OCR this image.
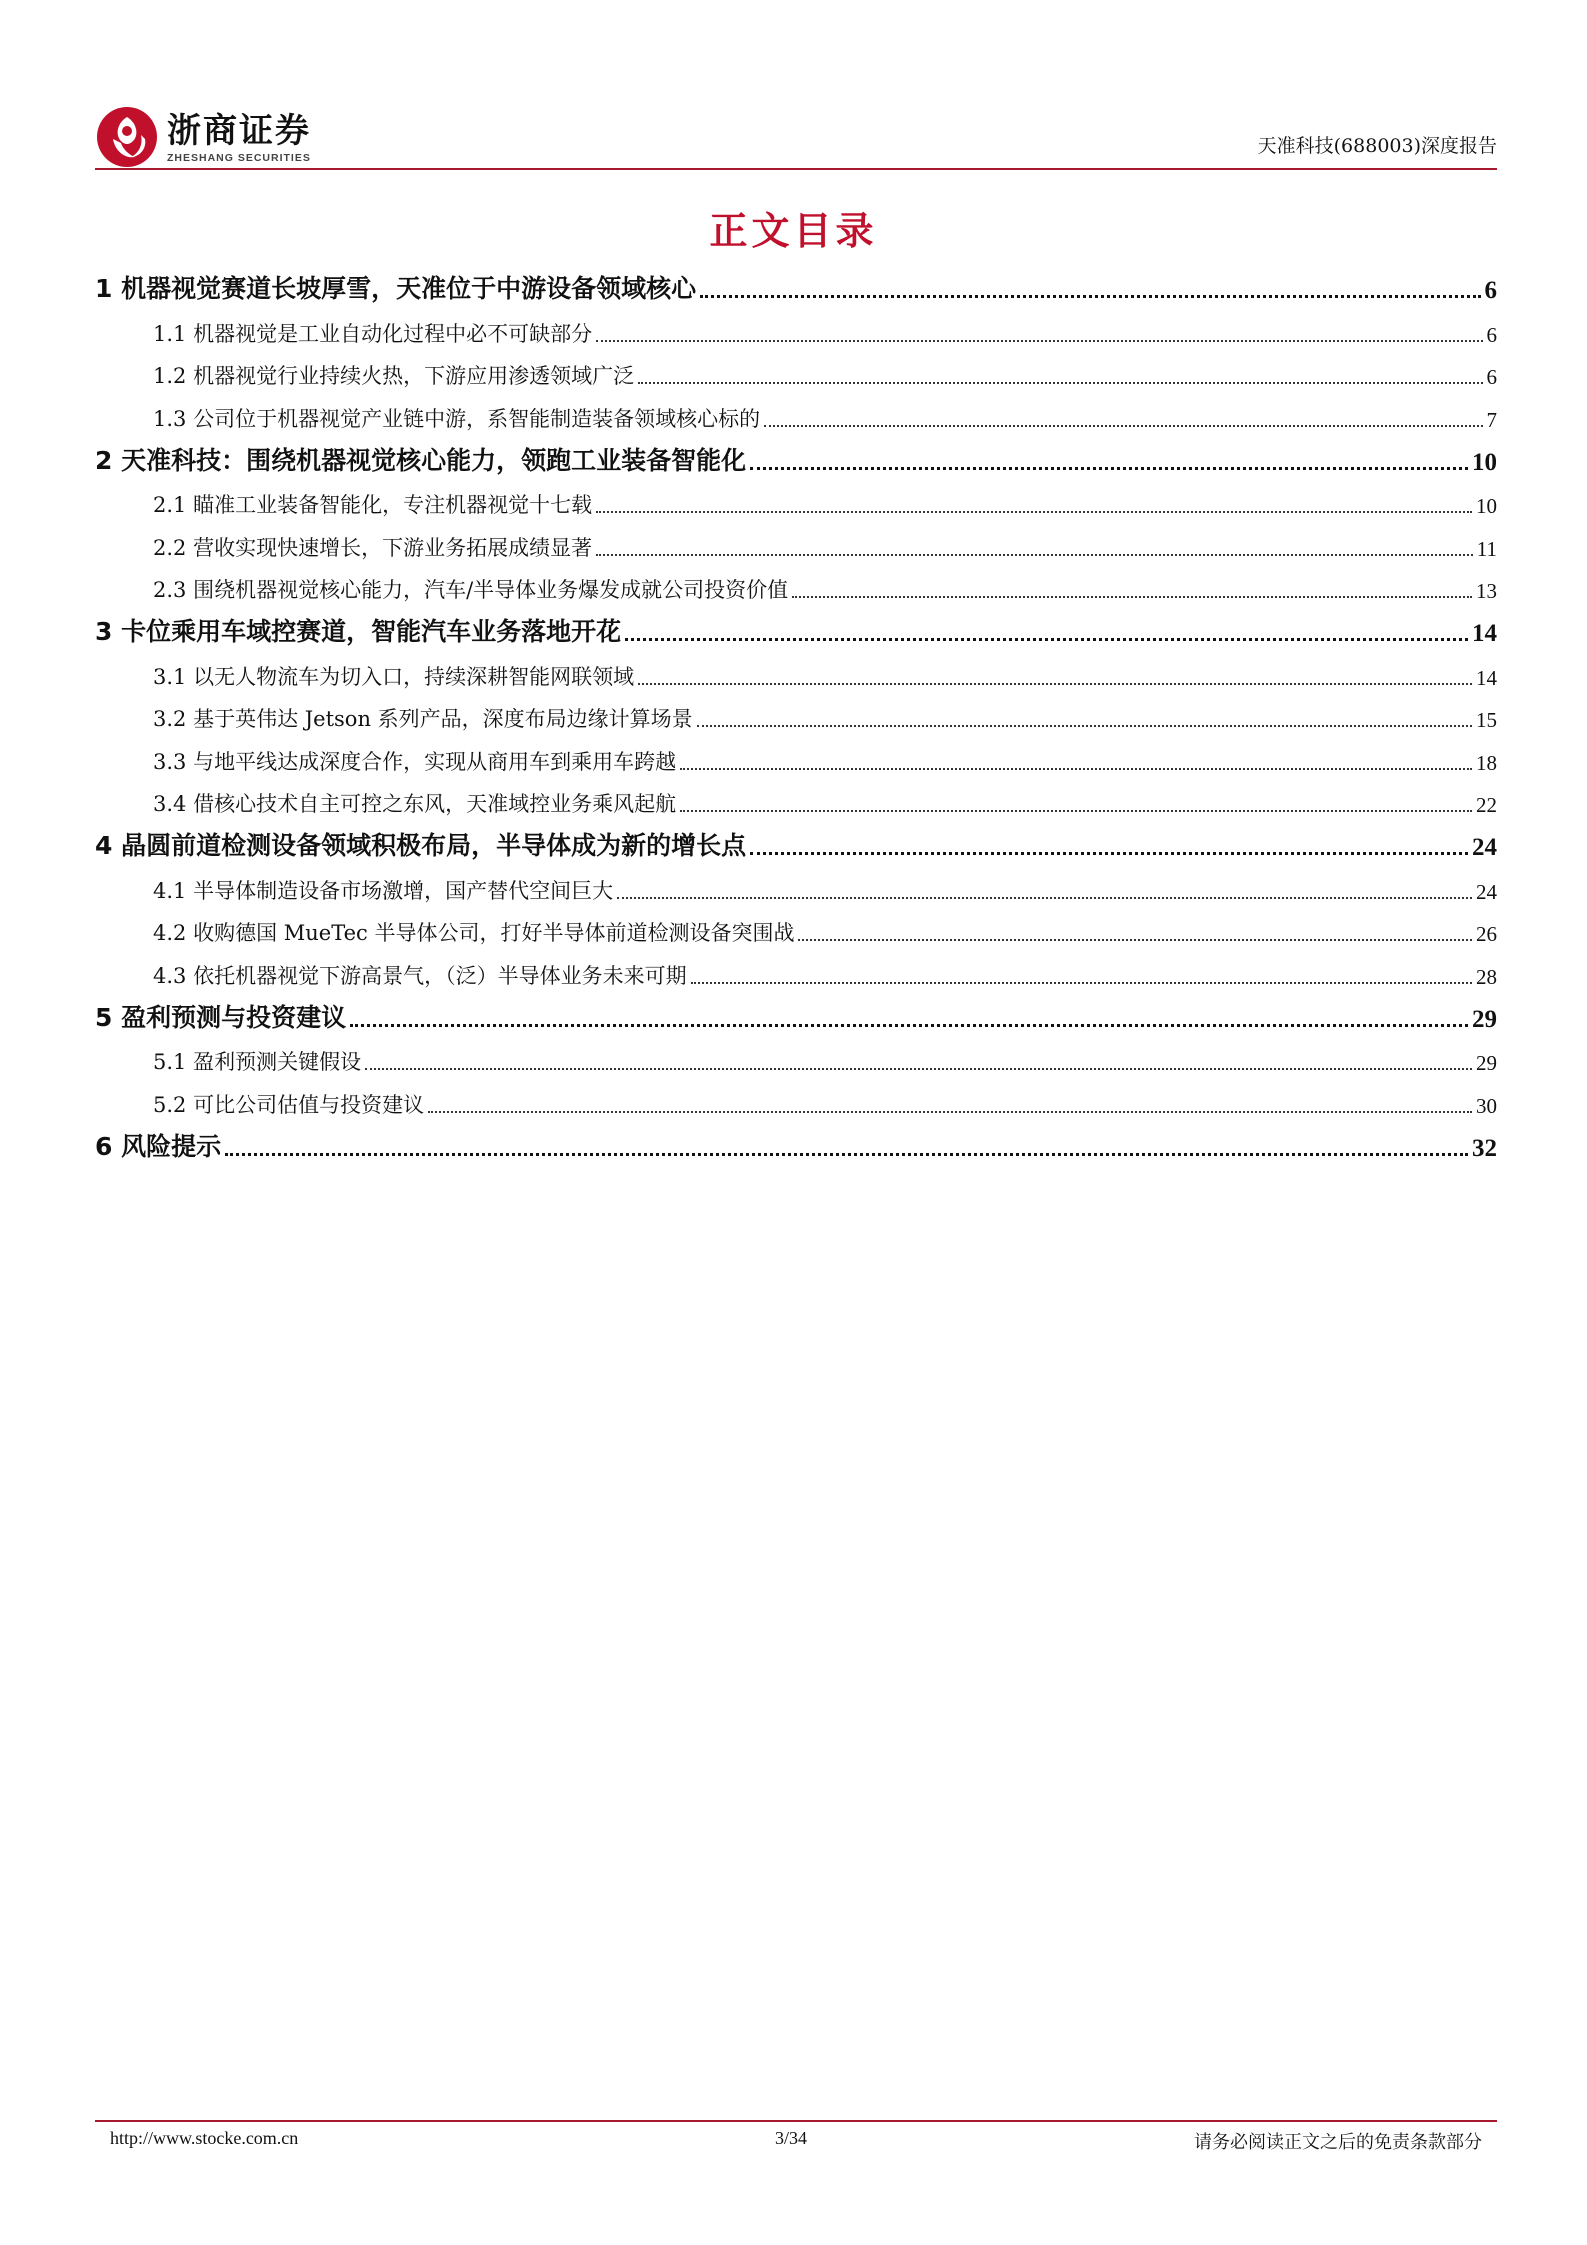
浙商证券
ZHESHANG SECURITIES
天准科技(688003)深度报告
正文目录
1 机器视觉赛道长坡厚雪，天准位于中游设备领域核心	6
1.1 机器视觉是工业自动化过程中必不可缺部分	6
1.2 机器视觉行业持续火热，下游应用渗透领域广泛	6
1.3 公司位于机器视觉产业链中游，系智能制造装备领域核心标的	7
2 天准科技：围绕机器视觉核心能力，领跑工业装备智能化	10
2.1 瞄准工业装备智能化，专注机器视觉十七载	10
2.2 营收实现快速增长，下游业务拓展成绩显著	11
2.3 围绕机器视觉核心能力，汽车/半导体业务爆发成就公司投资价值	13
3 卡位乘用车域控赛道，智能汽车业务落地开花	14
3.1 以无人物流车为切入口，持续深耕智能网联领域	14
3.2 基于英伟达 Jetson 系列产品，深度布局边缘计算场景	15
3.3 与地平线达成深度合作，实现从商用车到乘用车跨越	18
3.4 借核心技术自主可控之东风，天准域控业务乘风起航	22
4 晶圆前道检测设备领域积极布局，半导体成为新的增长点	24
4.1 半导体制造设备市场激增，国产替代空间巨大	24
4.2 收购德国 MueTec 半导体公司，打好半导体前道检测设备突围战	26
4.3 依托机器视觉下游高景气，（泛）半导体业务未来可期	28
5 盈利预测与投资建议	29
5.1 盈利预测关键假设	29
5.2 可比公司估值与投资建议	30
6 风险提示	32
http://www.stocke.com.cn	3/34	请务必阅读正文之后的免责条款部分
